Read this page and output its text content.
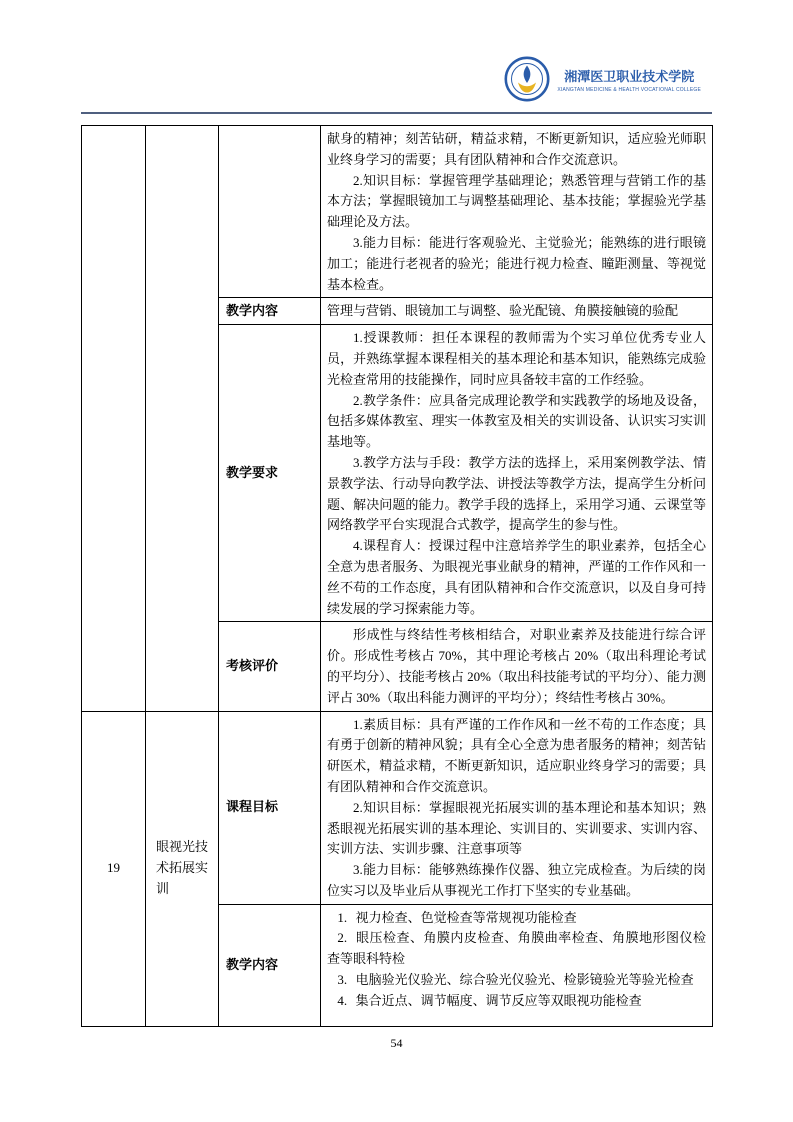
湘潭医卫职业技术学院
XIANGTAN MEDICINE & HEALTH VOCATIONAL COLLEGE

			献身的精神；刻苦钻研，精益求精，不断更新知识，适应验光师职业终身学习的需要；具有团队精神和合作交流意识。

2.知识目标：掌握管理学基础理论；熟悉管理与营销工作的基本方法；掌握眼镜加工与调整基础理论、基本技能；掌握验光学基础理论及方法。

3.能力目标：能进行客观验光、主觉验光；能熟练的进行眼镜加工；能进行老视者的验光；能进行视力检查、瞳距测量、等视觉基本检查。

		教学内容	管理与营销、眼镜加工与调整、验光配镜、角膜接触镜的验配

		教学要求	1.授课教师：担任本课程的教师需为个实习单位优秀专业人员，并熟练掌握本课程相关的基本理论和基本知识，能熟练完成验光检查常用的技能操作，同时应具备较丰富的工作经验。

2.教学条件：应具备完成理论教学和实践教学的场地及设备，包括多媒体教室、理实一体教室及相关的实训设备、认识实习实训基地等。

3.教学方法与手段：教学方法的选择上，采用案例教学法、情景教学法、行动导向教学法、讲授法等教学方法，提高学生分析问题、解决问题的能力。教学手段的选择上，采用学习通、云课堂等网络教学平台实现混合式教学，提高学生的参与性。

4.课程育人：授课过程中注意培养学生的职业素养，包括全心全意为患者服务、为眼视光事业献身的精神，严谨的工作作风和一丝不苟的工作态度，具有团队精神和合作交流意识，以及自身可持续发展的学习探索能力等。

		考核评价	形成性与终结性考核相结合，对职业素养及技能进行综合评价。形成性考核占 70%，其中理论考核占 20%（取出科理论考试的平均分）、技能考核占 20%（取出科技能考试的平均分）、能力测评占 30%（取出科能力测评的平均分）；终结性考核占 30%。

19	眼视光技术拓展实训	课程目标	1.素质目标：具有严谨的工作作风和一丝不苟的工作态度；具有勇于创新的精神风貌；具有全心全意为患者服务的精神；刻苦钻研医术，精益求精，不断更新知识，适应职业终身学习的需要；具有团队精神和合作交流意识。

2.知识目标：掌握眼视光拓展实训的基本理论和基本知识；熟悉眼视光拓展实训的基本理论、实训目的、实训要求、实训内容、实训方法、实训步骤、注意事项等

3.能力目标：能够熟练操作仪器、独立完成检查。为后续的岗位实习以及毕业后从事视光工作打下坚实的专业基础。

		教学内容	1. 视力检查、色觉检查等常规视功能检查

2. 眼压检查、角膜内皮检查、角膜曲率检查、角膜地形图仪检查等眼科特检

3. 电脑验光仪验光、综合验光仪验光、检影镜验光等验光检查

4. 集合近点、调节幅度、调节反应等双眼视功能检查

54
